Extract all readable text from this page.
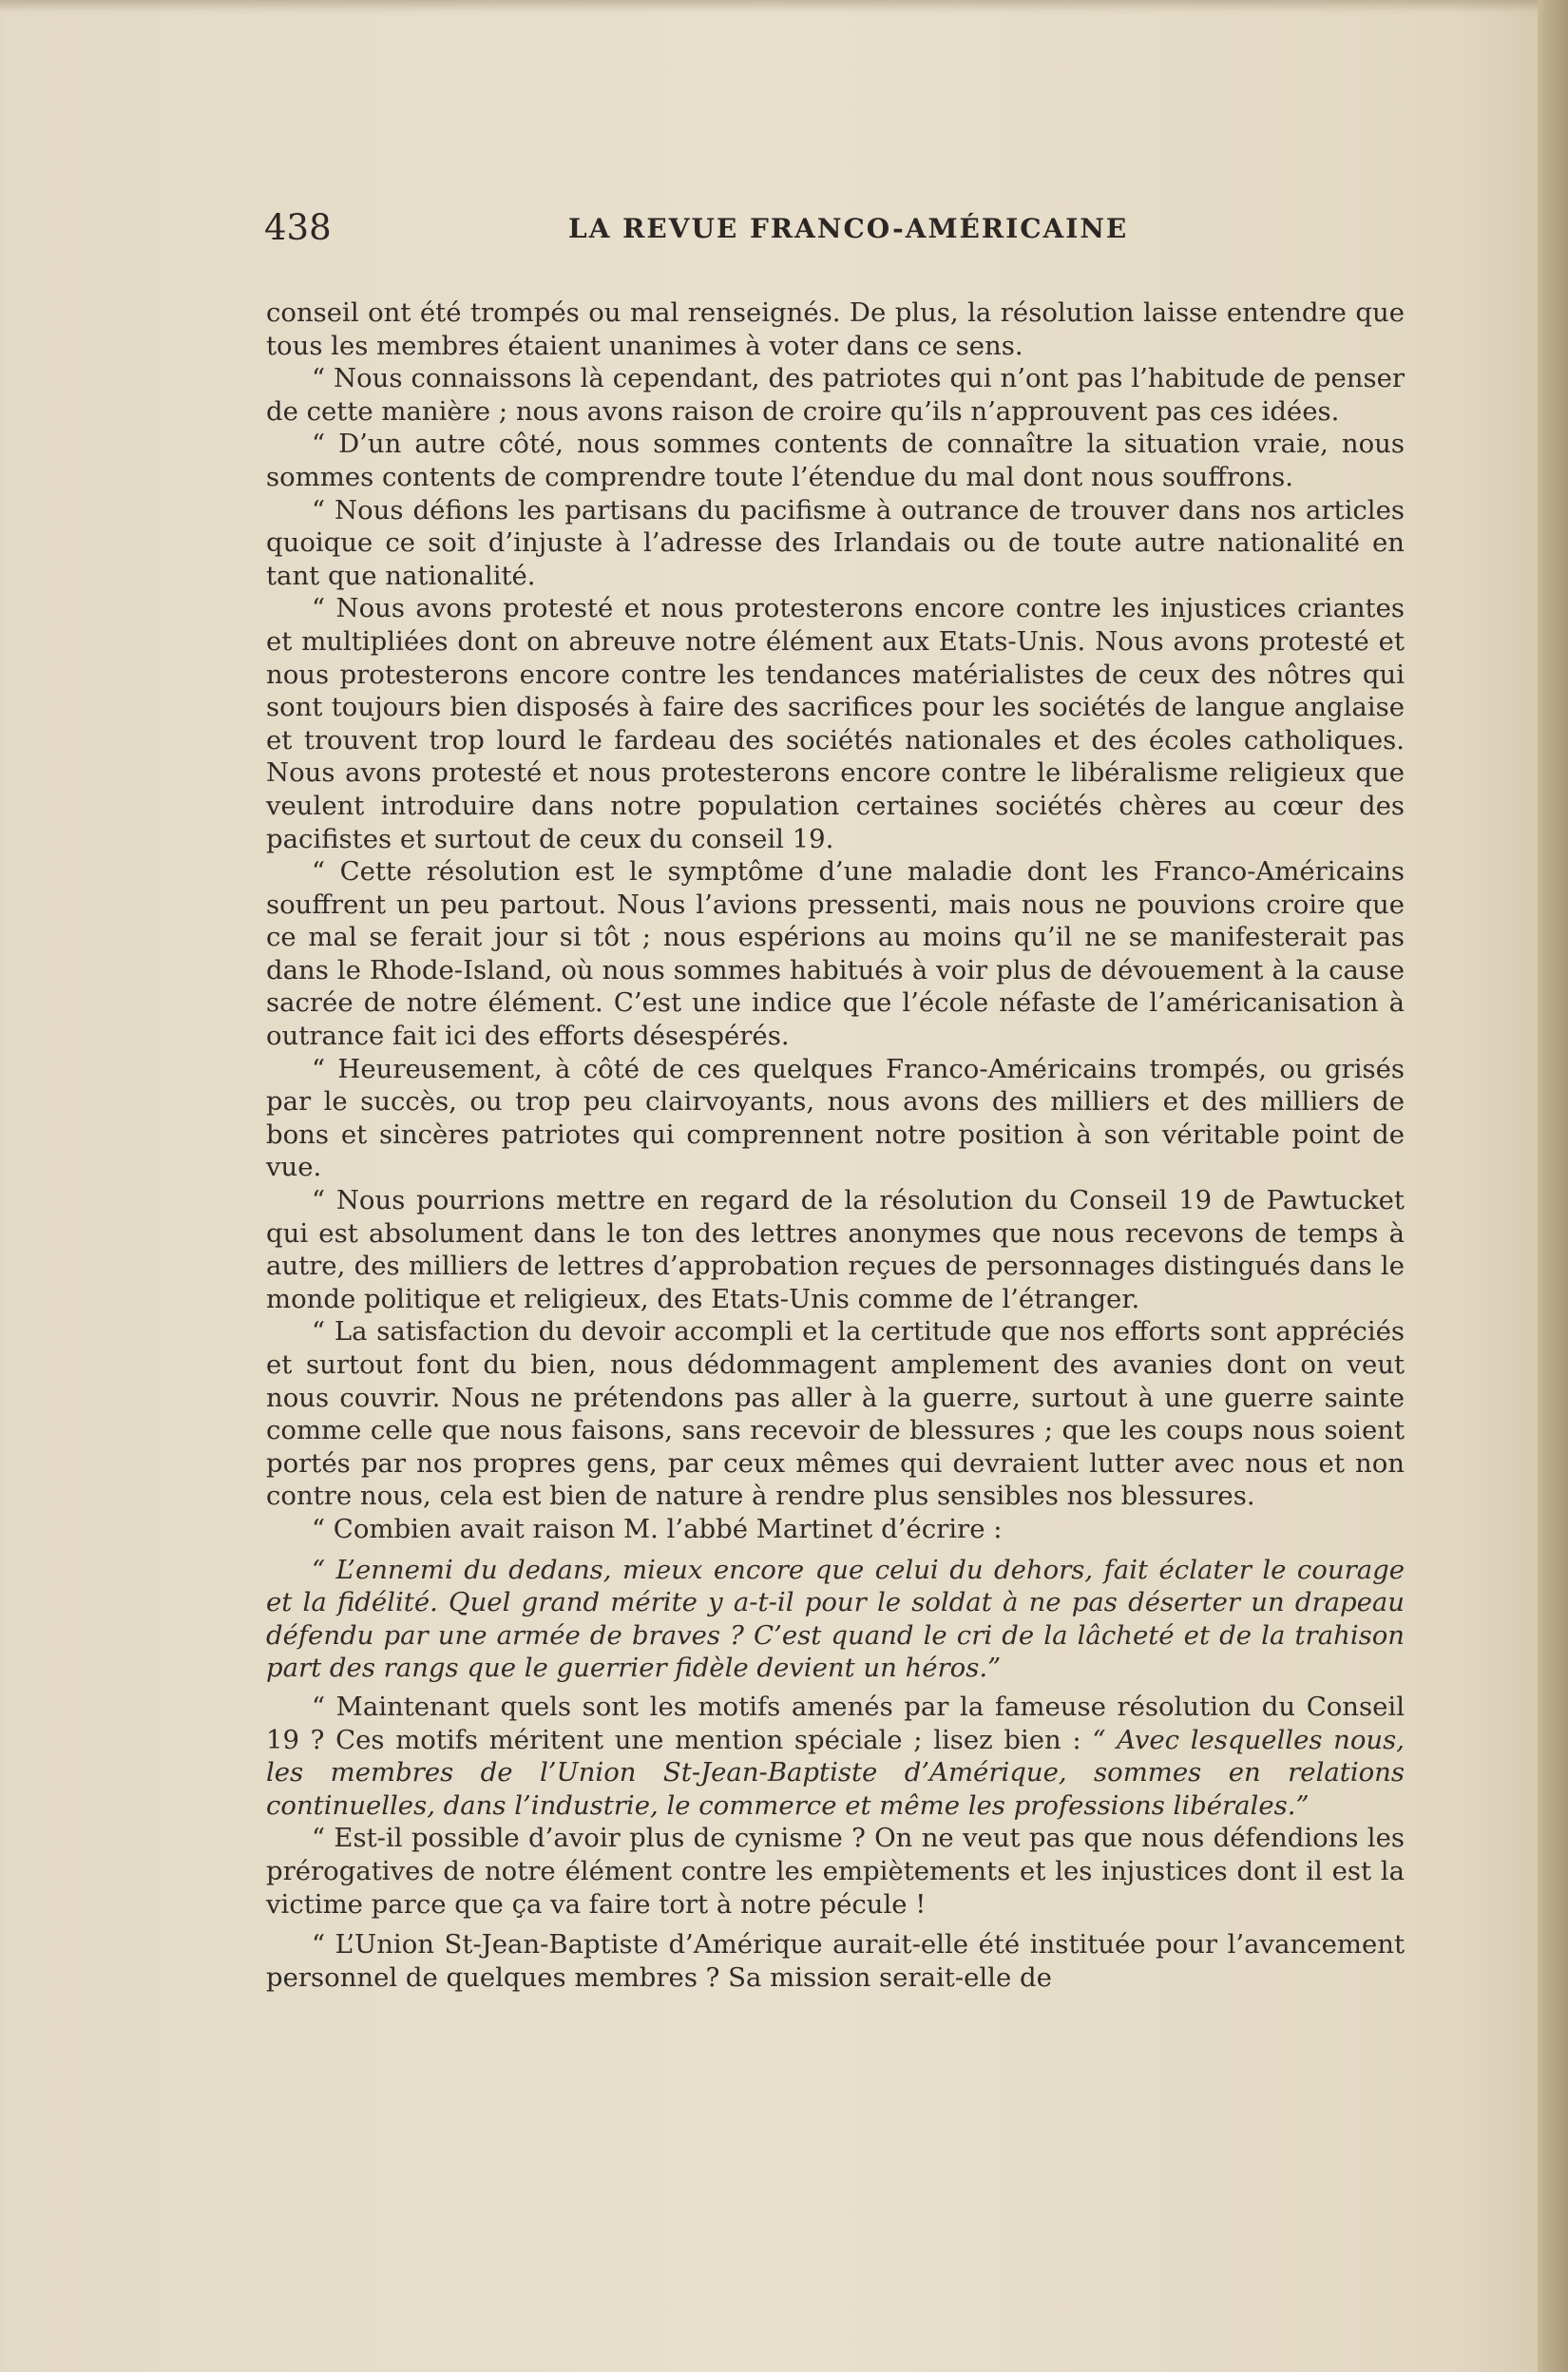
438	LA REVUE FRANCO-AMÉRICAINE

conseil ont été trompés ou mal renseignés. De plus, la résolution laisse entendre que tous les membres étaient unanimes à voter dans ce sens.

“ Nous connaissons là cependant, des patriotes qui n’ont pas l’habitude de penser de cette manière ; nous avons raison de croire qu’ils n’approuvent pas ces idées.

“ D’un autre côté, nous sommes contents de connaître la situation vraie, nous sommes contents de comprendre toute l’étendue du mal dont nous souffrons.

“ Nous défions les partisans du pacifisme à outrance de trouver dans nos articles quoique ce soit d’injuste à l’adresse des Irlandais ou de toute autre nationalité en tant que nationalité.

“ Nous avons protesté et nous protesterons encore contre les injustices criantes et multipliées dont on abreuve notre élément aux Etats-Unis. Nous avons protesté et nous protesterons encore contre les tendances matérialistes de ceux des nôtres qui sont toujours bien disposés à faire des sacrifices pour les sociétés de langue anglaise et trouvent trop lourd le fardeau des sociétés nationales et des écoles catholiques. Nous avons protesté et nous protesterons encore contre le libéralisme religieux que veulent introduire dans notre population certaines sociétés chères au cœur des pacifistes et surtout de ceux du conseil 19.

“ Cette résolution est le symptôme d’une maladie dont les Franco-Américains souffrent un peu partout. Nous l’avions pressenti, mais nous ne pouvions croire que ce mal se ferait jour si tôt ; nous espérions au moins qu’il ne se manifesterait pas dans le Rhode-Island, où nous sommes habitués à voir plus de dévouement à la cause sacrée de notre élément. C’est une indice que l’école néfaste de l’américanisation à outrance fait ici des efforts désespérés.

“ Heureusement, à côté de ces quelques Franco-Américains trompés, ou grisés par le succès, ou trop peu clairvoyants, nous avons des milliers et des milliers de bons et sincères patriotes qui comprennent notre position à son véritable point de vue.

“ Nous pourrions mettre en regard de la résolution du Conseil 19 de Pawtucket qui est absolument dans le ton des lettres anonymes que nous recevons de temps à autre, des milliers de lettres d’approbation reçues de personnages distingués dans le monde politique et religieux, des Etats-Unis comme de l’étranger.

“ La satisfaction du devoir accompli et la certitude que nos efforts sont appréciés et surtout font du bien, nous dédommagent amplement des avanies dont on veut nous couvrir. Nous ne prétendons pas aller à la guerre, surtout à une guerre sainte comme celle que nous faisons, sans recevoir de blessures ; que les coups nous soient portés par nos propres gens, par ceux mêmes qui devraient lutter avec nous et non contre nous, cela est bien de nature à rendre plus sensibles nos blessures.

“ Combien avait raison M. l’abbé Martinet d’écrire :

“ L’ennemi du dedans, mieux encore que celui du dehors, fait éclater le courage et la fidélité. Quel grand mérite y a-t-il pour le soldat à ne pas déserter un drapeau défendu par une armée de braves ? C’est quand le cri de la lâcheté et de la trahison part des rangs que le guerrier fidèle devient un héros.”

“ Maintenant quels sont les motifs amenés par la fameuse résolution du Conseil 19 ? Ces motifs méritent une mention spéciale ; lisez bien : “ Avec lesquelles nous, les membres de l’Union St-Jean-Baptiste d’Amérique, sommes en relations continuelles, dans l’industrie, le commerce et même les professions libérales.”

“ Est-il possible d’avoir plus de cynisme ? On ne veut pas que nous défendions les prérogatives de notre élément contre les empiètements et les injustices dont il est la victime parce que ça va faire tort à notre pécule !

“ L’Union St-Jean-Baptiste d’Amérique aurait-elle été instituée pour l’avancement personnel de quelques membres ? Sa mission serait-elle de
